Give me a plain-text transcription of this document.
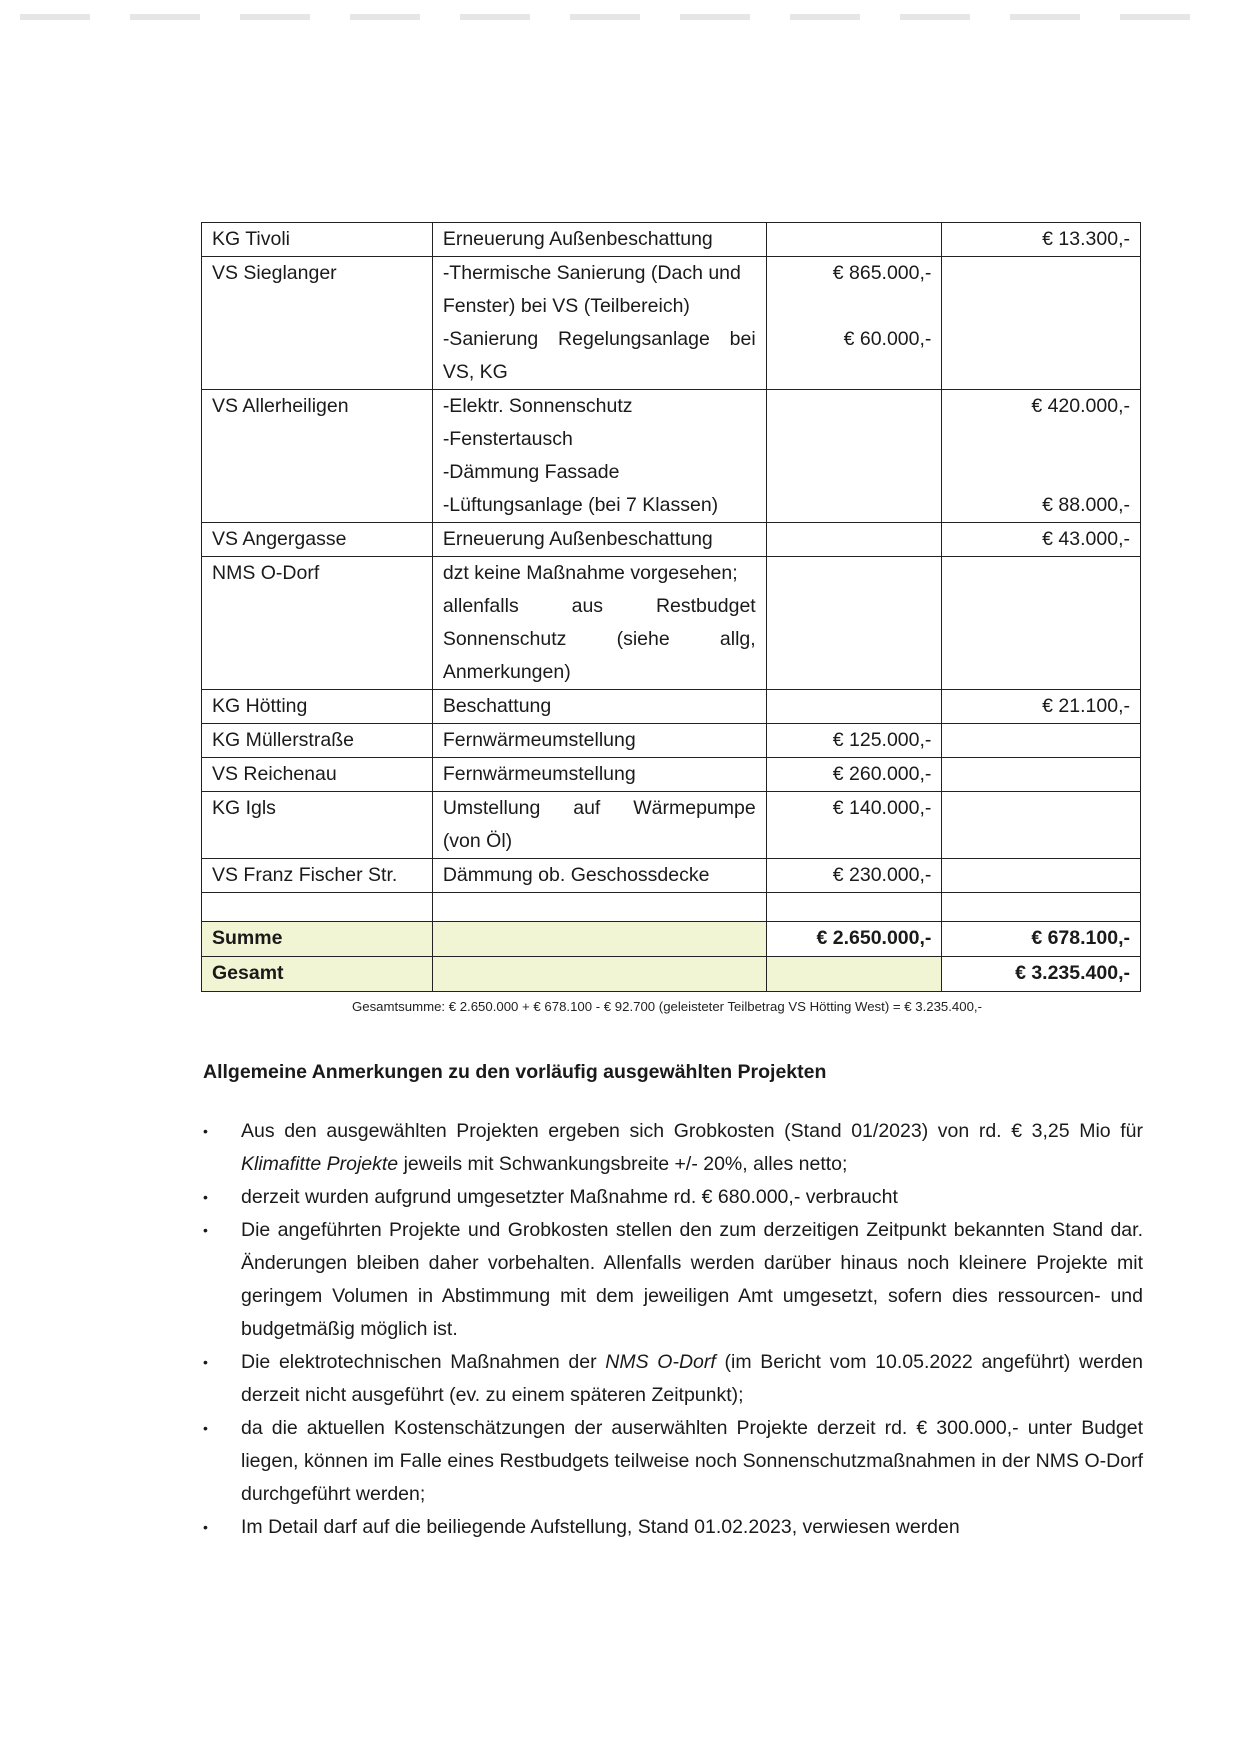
KG Tivoli	Erneuerung Außenbeschattung		€ 13.300,-

VS Sieglanger	-Thermische Sanierung (Dach und
Fenster) bei VS (Teilbereich)
-Sanierung Regelungsanlage bei
VS, KG	€ 865.000,-
€ 60.000,-	

VS Allerheiligen	-Elektr. Sonnenschutz
-Fenstertausch
-Dämmung Fassade
-Lüftungsanlage (bei 7 Klassen)		€ 420.000,-
€ 88.000,-

VS Angergasse	Erneuerung Außenbeschattung		€ 43.000,-

NMS O-Dorf	dzt keine Maßnahme vorgesehen;
allenfalls aus Restbudget
Sonnenschutz (siehe allg,
Anmerkungen)		

KG Hötting	Beschattung		€ 21.100,-

KG Müllerstraße	Fernwärmeumstellung	€ 125.000,-	

VS Reichenau	Fernwärmeumstellung	€ 260.000,-	

KG Igls	Umstellung auf Wärmepumpe
(von Öl)	€ 140.000,-	

VS Franz Fischer Str.	Dämmung ob. Geschossdecke	€ 230.000,-	

Summe		€ 2.650.000,-	€ 678.100,-

Gesamt			€ 3.235.400,-
Gesamtsumme: € 2.650.000 + € 678.100 - € 92.700 (geleisteter Teilbetrag VS Hötting West) = € 3.235.400,-
Allgemeine Anmerkungen zu den vorläufig ausgewählten Projekten
•	Aus den ausgewählten Projekten ergeben sich Grobkosten (Stand 01/2023) von rd. € 3,25 Mio für Klimafitte Projekte jeweils mit Schwankungsbreite +/- 20%, alles netto;
•	derzeit wurden aufgrund umgesetzter Maßnahme rd. € 680.000,- verbraucht
•	Die angeführten Projekte und Grobkosten stellen den zum derzeitigen Zeitpunkt bekannten Stand dar. Änderungen bleiben daher vorbehalten. Allenfalls werden darüber hinaus noch kleinere Projekte mit geringem Volumen in Abstimmung mit dem jeweiligen Amt umgesetzt, sofern dies ressourcen- und budgetmäßig möglich ist.
•	Die elektrotechnischen Maßnahmen der NMS O-Dorf (im Bericht vom 10.05.2022 angeführt) werden derzeit nicht ausgeführt (ev. zu einem späteren Zeitpunkt);
•	da die aktuellen Kostenschätzungen der auserwählten Projekte derzeit rd. € 300.000,- unter Budget liegen, können im Falle eines Restbudgets teilweise noch Sonnenschutzmaßnahmen in der NMS O-Dorf durchgeführt werden;
•	Im Detail darf auf die beiliegende Aufstellung, Stand 01.02.2023, verwiesen werden
